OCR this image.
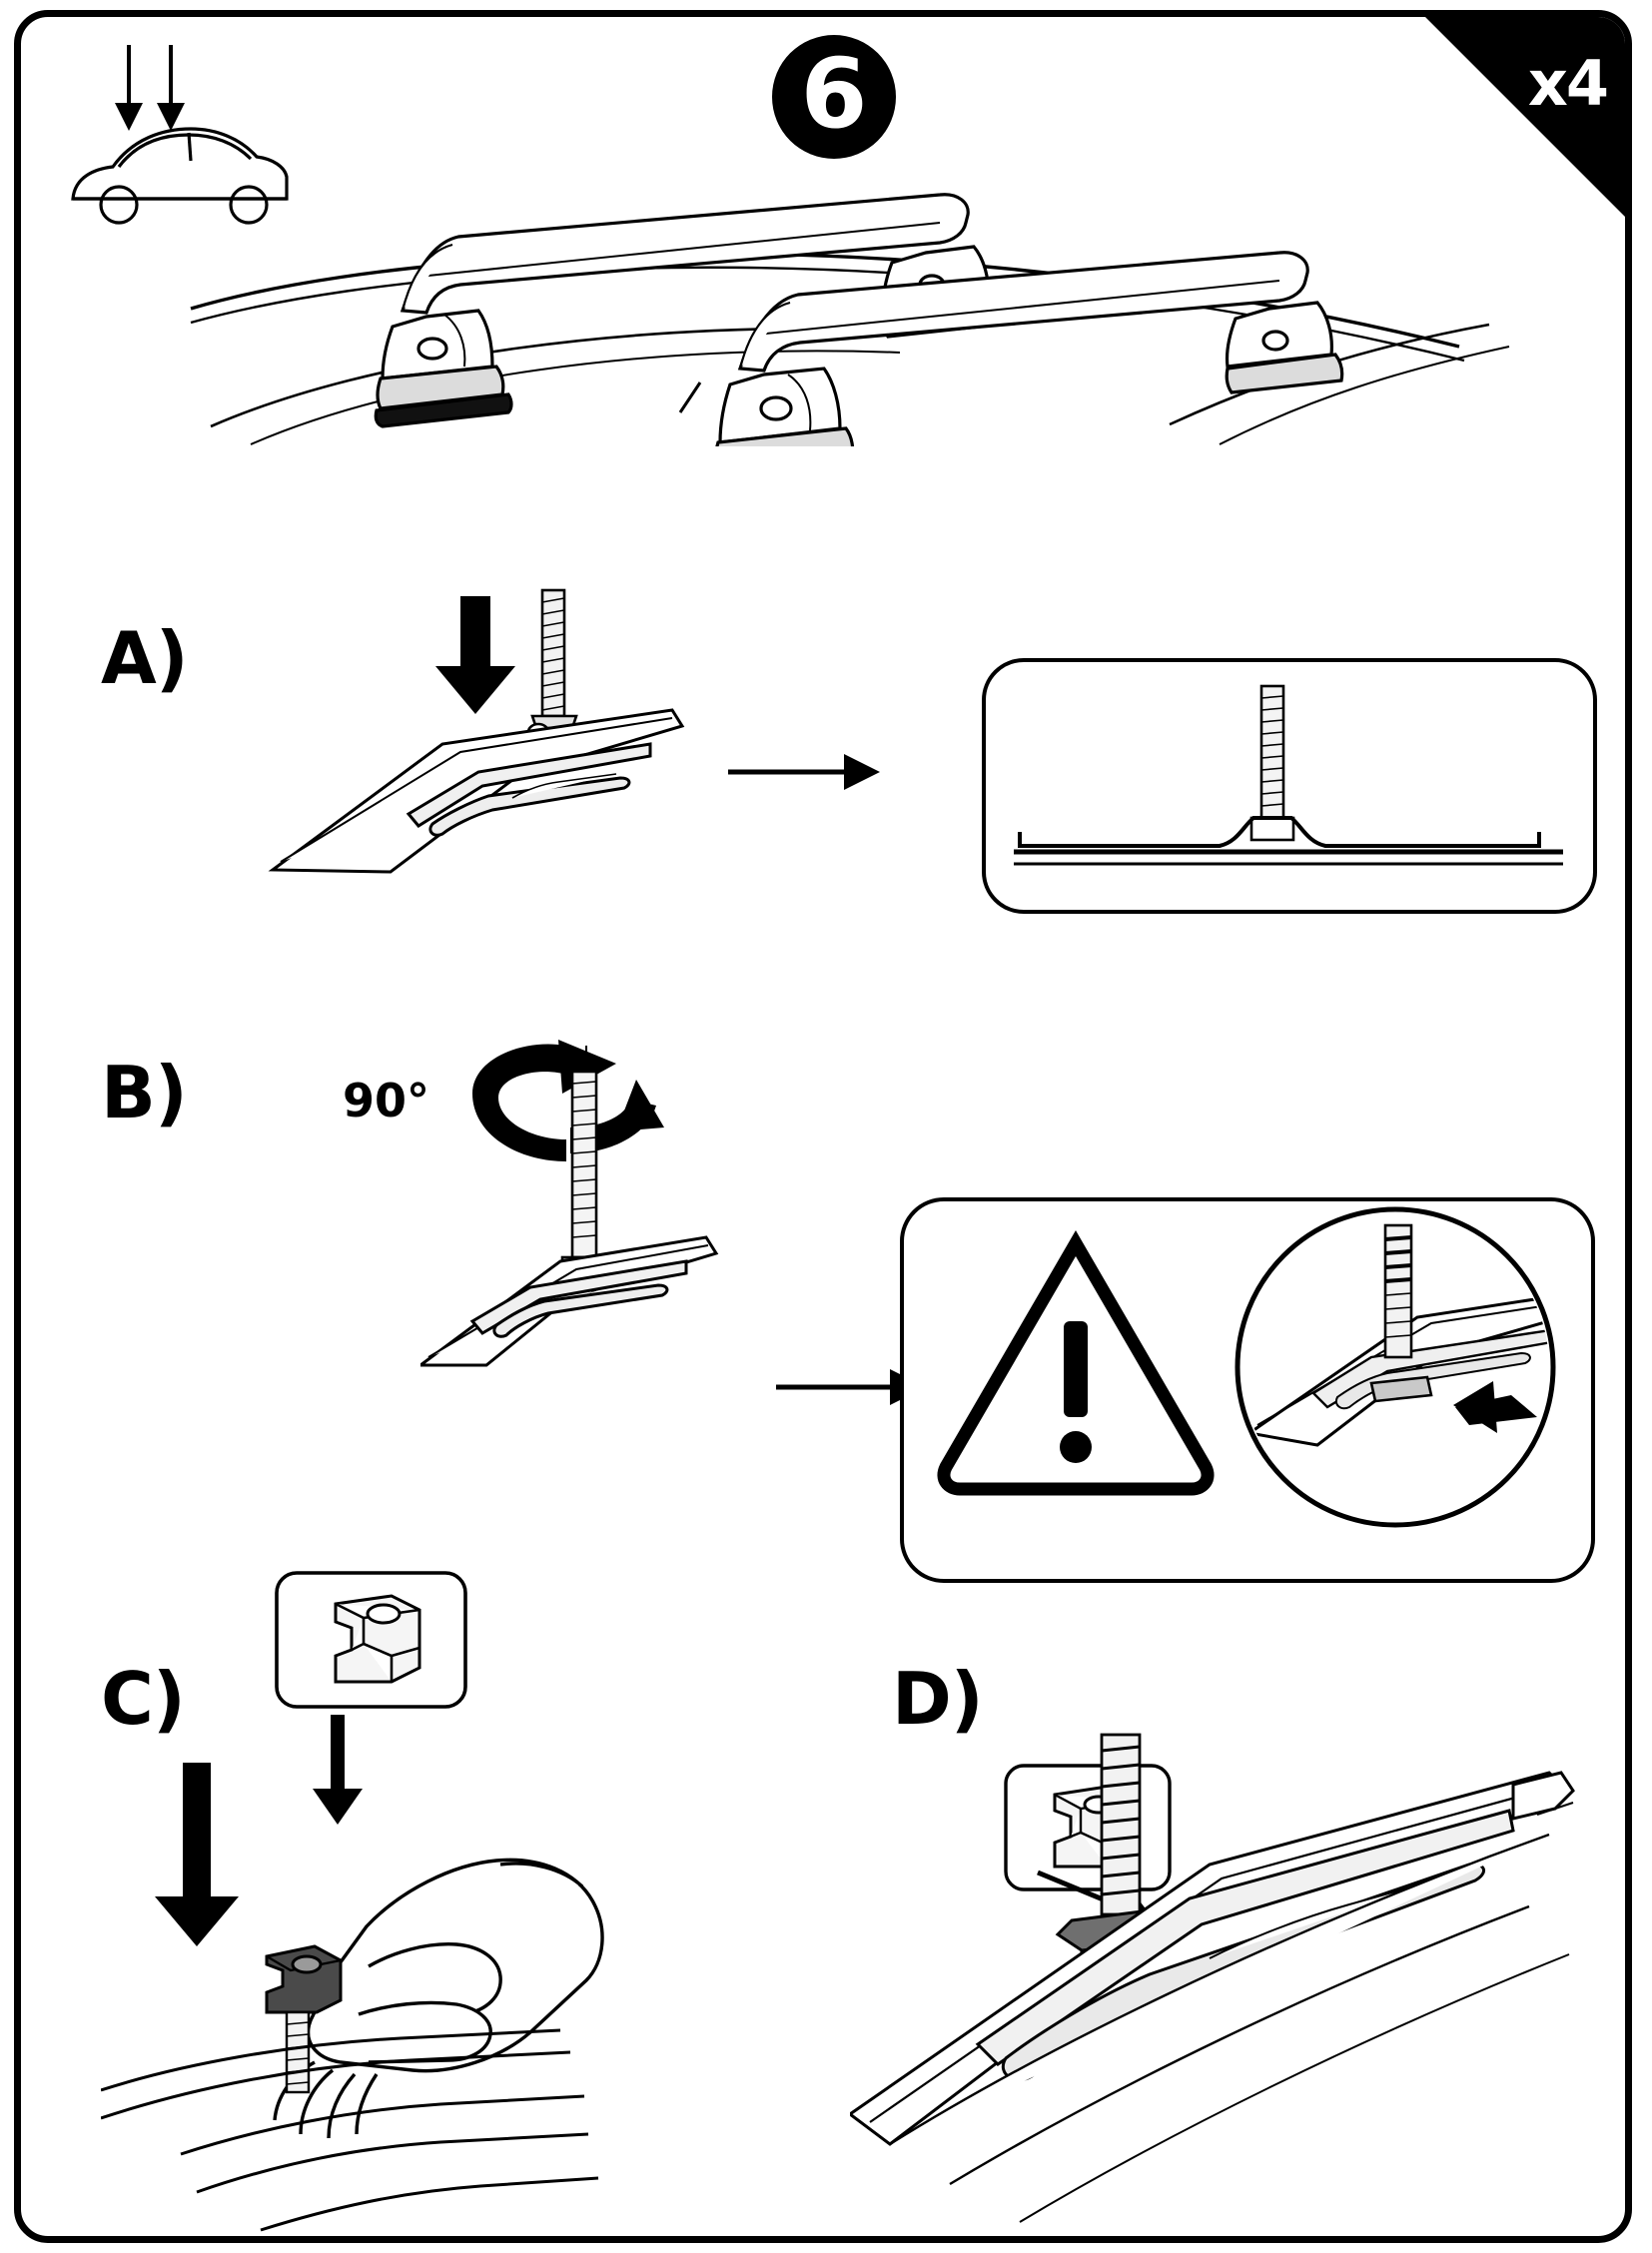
6	x4
A)
B)	90°
C)	D)
